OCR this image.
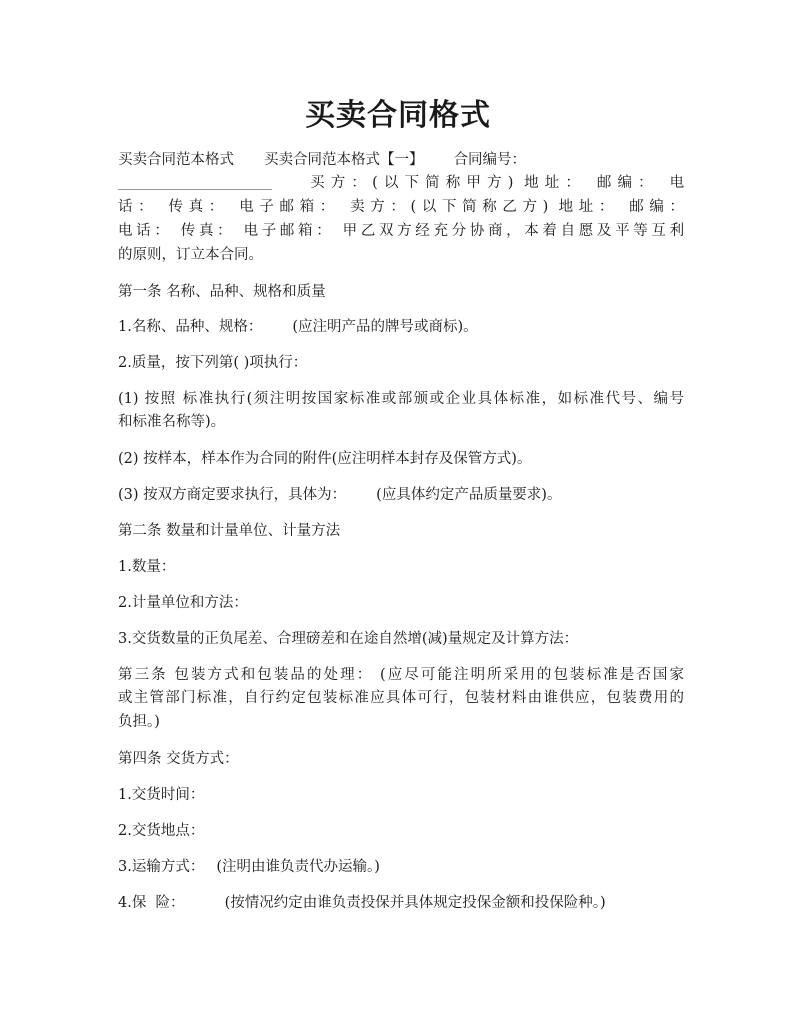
买卖合同格式
买卖合同范本格式 买卖合同范本格式【一】 合同编号：
买方：(以下简称甲方) 地址： 邮编： 电
话： 传真： 电子邮箱： 卖方：(以下简称乙方) 地址： 邮编：
电话： 传真： 电子邮箱： 甲乙双方经充分协商，本着自愿及平等互利
的原则，订立本合同。
第一条 名称、品种、规格和质量
1.名称、品种、规格： (应注明产品的牌号或商标)。
2.质量，按下列第( )项执行：
(1) 按照 标准执行(须注明按国家标准或部颁或企业具体标准，如标准代号、编号
和标准名称等)。
(2) 按样本，样本作为合同的附件(应注明样本封存及保管方式)。
(3) 按双方商定要求执行，具体为： (应具体约定产品质量要求)。
第二条 数量和计量单位、计量方法
1.数量：
2.计量单位和方法：
3.交货数量的正负尾差、合理磅差和在途自然增(减)量规定及计算方法：
第三条 包装方式和包装品的处理： (应尽可能注明所采用的包装标准是否国家
或主管部门标准，自行约定包装标准应具体可行，包装材料由谁供应，包装费用的
负担。)
第四条 交货方式：
1.交货时间：
2.交货地点：
3.运输方式： (注明由谁负责代办运输。)
4.保  险：	(按情况约定由谁负责投保并具体规定投保金额和投保险种。)
